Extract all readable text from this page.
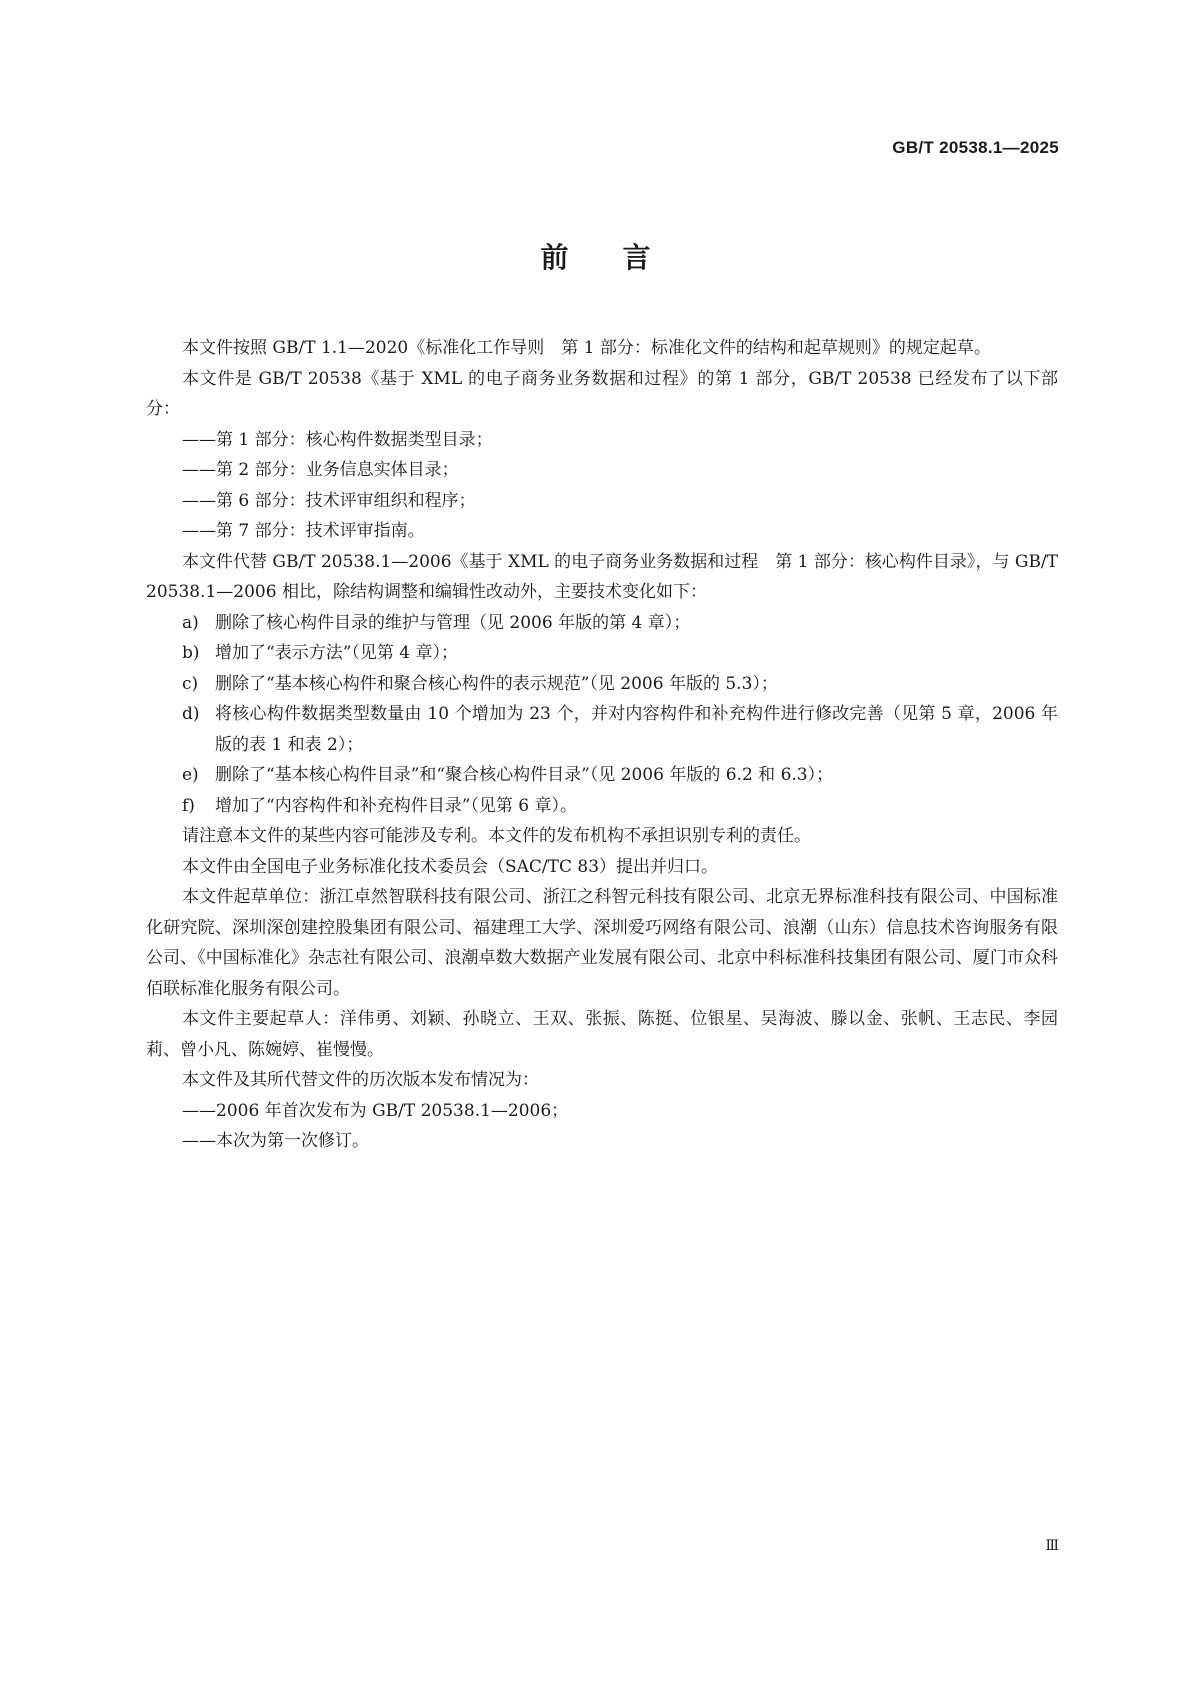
GB/T 20538.1—2025
前 言

本文件按照 GB/T 1.1—2020《标准化工作导则　第 1 部分：标准化文件的结构和起草规则》的规定起草。

本文件是 GB/T 20538《基于 XML 的电子商务业务数据和过程》的第 1 部分，GB/T 20538 已经发布了以下部分：

——第 1 部分：核心构件数据类型目录；

——第 2 部分：业务信息实体目录；

——第 6 部分：技术评审组织和程序；

——第 7 部分：技术评审指南。

本文件代替 GB/T 20538.1—2006《基于 XML 的电子商务业务数据和过程　第 1 部分：核心构件目录》，与 GB/T 20538.1—2006 相比，除结构调整和编辑性改动外，主要技术变化如下：

a) 删除了核心构件目录的维护与管理（见 2006 年版的第 4 章）；

b) 增加了“表示方法”（见第 4 章）；

c) 删除了“基本核心构件和聚合核心构件的表示规范”（见 2006 年版的 5.3）；

d) 将核心构件数据类型数量由 10 个增加为 23 个，并对内容构件和补充构件进行修改完善（见第 5 章，2006 年版的表 1 和表 2）；

e) 删除了“基本核心构件目录”和“聚合核心构件目录”（见 2006 年版的 6.2 和 6.3）；

f) 增加了“内容构件和补充构件目录”（见第 6 章）。

请注意本文件的某些内容可能涉及专利。本文件的发布机构不承担识别专利的责任。

本文件由全国电子业务标准化技术委员会（SAC/TC 83）提出并归口。

本文件起草单位：浙江卓然智联科技有限公司、浙江之科智元科技有限公司、北京无界标准科技有限公司、中国标准化研究院、深圳深创建控股集团有限公司、福建理工大学、深圳爱巧网络有限公司、浪潮（山东）信息技术咨询服务有限公司、《中国标准化》杂志社有限公司、浪潮卓数大数据产业发展有限公司、北京中科标准科技集团有限公司、厦门市众科佰联标准化服务有限公司。

本文件主要起草人：洋伟勇、刘颖、孙晓立、王双、张振、陈挺、位银星、吴海波、滕以金、张帆、王志民、李园莉、曾小凡、陈婉婷、崔慢慢。

本文件及其所代替文件的历次版本发布情况为：

——2006 年首次发布为 GB/T 20538.1—2006；

——本次为第一次修订。

Ⅲ
